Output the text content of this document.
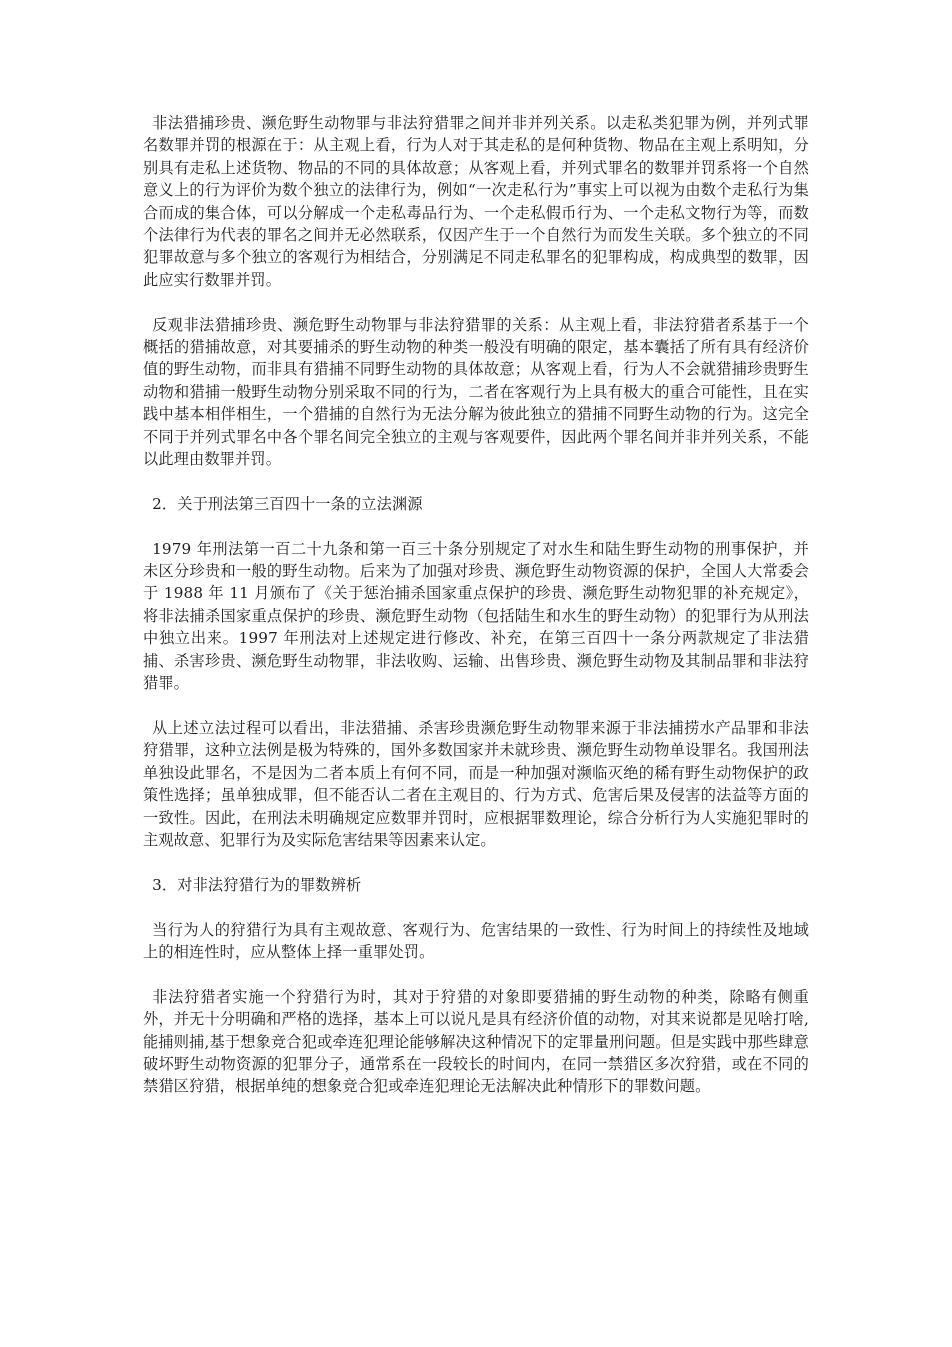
非法猎捕珍贵、濒危野生动物罪与非法狩猎罪之间并非并列关系。以走私类犯罪为例，并列式罪名数罪并罚的根源在于：从主观上看，行为人对于其走私的是何种货物、物品在主观上系明知，分别具有走私上述货物、物品的不同的具体故意；从客观上看，并列式罪名的数罪并罚系将一个自然意义上的行为评价为数个独立的法律行为，例如“一次走私行为”事实上可以视为由数个走私行为集合而成的集合体，可以分解成一个走私毒品行为、一个走私假币行为、一个走私文物行为等，而数个法律行为代表的罪名之间并无必然联系，仅因产生于一个自然行为而发生关联。多个独立的不同犯罪故意与多个独立的客观行为相结合，分别满足不同走私罪名的犯罪构成，构成典型的数罪，因此应实行数罪并罚。

反观非法猎捕珍贵、濒危野生动物罪与非法狩猎罪的关系：从主观上看，非法狩猎者系基于一个概括的猎捕故意，对其要捕杀的野生动物的种类一般没有明确的限定，基本囊括了所有具有经济价值的野生动物，而非具有猎捕不同野生动物的具体故意；从客观上看，行为人不会就猎捕珍贵野生动物和猎捕一般野生动物分别采取不同的行为，二者在客观行为上具有极大的重合可能性，且在实践中基本相伴相生，一个猎捕的自然行为无法分解为彼此独立的猎捕不同野生动物的行为。这完全不同于并列式罪名中各个罪名间完全独立的主观与客观要件，因此两个罪名间并非并列关系，不能以此理由数罪并罚。

2．关于刑法第三百四十一条的立法渊源

1979 年刑法第一百二十九条和第一百三十条分别规定了对水生和陆生野生动物的刑事保护，并未区分珍贵和一般的野生动物。后来为了加强对珍贵、濒危野生动物资源的保护，全国人大常委会于 1988 年 11 月颁布了《关于惩治捕杀国家重点保护的珍贵、濒危野生动物犯罪的补充规定》，将非法捕杀国家重点保护的珍贵、濒危野生动物（包括陆生和水生的野生动物）的犯罪行为从刑法中独立出来。1997 年刑法对上述规定进行修改、补充，在第三百四十一条分两款规定了非法猎捕、杀害珍贵、濒危野生动物罪，非法收购、运输、出售珍贵、濒危野生动物及其制品罪和非法狩猎罪。

从上述立法过程可以看出，非法猎捕、杀害珍贵濒危野生动物罪来源于非法捕捞水产品罪和非法狩猎罪，这种立法例是极为特殊的，国外多数国家并未就珍贵、濒危野生动物单设罪名。我国刑法单独设此罪名，不是因为二者本质上有何不同，而是一种加强对濒临灭绝的稀有野生动物保护的政策性选择；虽单独成罪，但不能否认二者在主观目的、行为方式、危害后果及侵害的法益等方面的一致性。因此，在刑法未明确规定应数罪并罚时，应根据罪数理论，综合分析行为人实施犯罪时的主观故意、犯罪行为及实际危害结果等因素来认定。

3．对非法狩猎行为的罪数辨析

当行为人的狩猎行为具有主观故意、客观行为、危害结果的一致性、行为时间上的持续性及地域上的相连性时，应从整体上择一重罪处罚。

非法狩猎者实施一个狩猎行为时，其对于狩猎的对象即要猎捕的野生动物的种类，除略有侧重外，并无十分明确和严格的选择，基本上可以说凡是具有经济价值的动物，对其来说都是见啥打啥,能捕则捕,基于想象竞合犯或牵连犯理论能够解决这种情况下的定罪量刑问题。但是实践中那些肆意破坏野生动物资源的犯罪分子，通常系在一段较长的时间内，在同一禁猎区多次狩猎，或在不同的禁猎区狩猎，根据单纯的想象竞合犯或牵连犯理论无法解决此种情形下的罪数问题。
